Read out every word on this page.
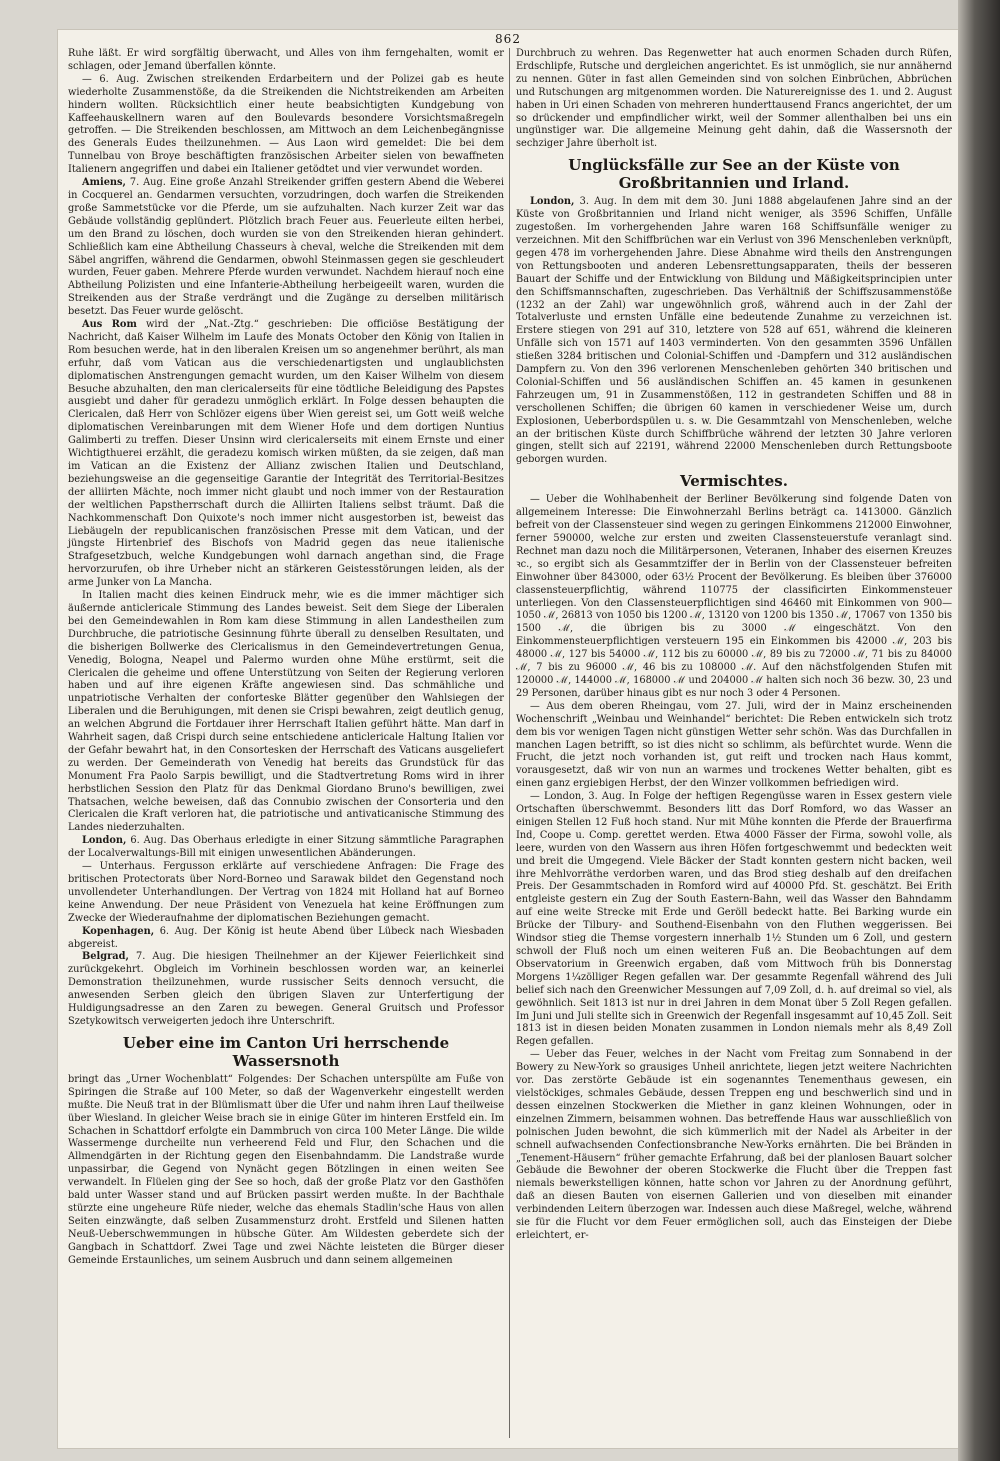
862

Ruhe läßt. Er wird sorgfältig überwacht, und Alles von ihm ferngehalten, womit er schlagen, oder Jemand überfallen könnte.

— 6. Aug. Zwischen streikenden Erdarbeitern und der Polizei gab es heute wiederholte Zusammenstöße, da die Streikenden die Nichtstreikenden am Arbeiten hindern wollten. Rücksichtlich einer heute beabsichtigten Kundgebung von Kaffeehauskellnern waren auf den Boulevards besondere Vorsichtsmaßregeln getroffen. — Die Streikenden beschlossen, am Mittwoch an dem Leichenbegängnisse des Generals Eudes theilzunehmen. — Aus Laon wird gemeldet: Die bei dem Tunnelbau von Broye beschäftigten französischen Arbeiter sielen von bewaffneten Italienern angegriffen und dabei ein Italiener getödtet und vier verwundet worden.

Amiens, 7. Aug. Eine große Anzahl Streikender griffen gestern Abend die Weberei in Cocquerel an. Gendarmen versuchten, vorzudringen, doch warfen die Streikenden große Sammetstücke vor die Pferde, um sie aufzuhalten. Nach kurzer Zeit war das Gebäude vollständig geplündert. Plötzlich brach Feuer aus. Feuerleute eilten herbei, um den Brand zu löschen, doch wurden sie von den Streikenden hieran gehindert. Schließlich kam eine Abtheilung Chasseurs à cheval, welche die Streikenden mit dem Säbel angriffen, während die Gendarmen, obwohl Steinmassen gegen sie geschleudert wurden, Feuer gaben. Mehrere Pferde wurden verwundet. Nachdem hierauf noch eine Abtheilung Polizisten und eine Infanterie-Abtheilung herbeigeeilt waren, wurden die Streikenden aus der Straße verdrängt und die Zugänge zu derselben militärisch besetzt. Das Feuer wurde gelöscht.

Aus Rom wird der „Nat.-Ztg.“ geschrieben: Die officiöse Bestätigung der Nachricht, daß Kaiser Wilhelm im Laufe des Monats October den König von Italien in Rom besuchen werde, hat in den liberalen Kreisen um so angenehmer berührt, als man erfuhr, daß vom Vatican aus die verschiedenartigsten und unglaublichsten diplomatischen Anstrengungen gemacht wurden, um den Kaiser Wilhelm von diesem Besuche abzuhalten, den man clericalerseits für eine tödtliche Beleidigung des Papstes ausgiebt und daher für geradezu unmöglich erklärt. In Folge dessen behaupten die Clericalen, daß Herr von Schlözer eigens über Wien gereist sei, um Gott weiß welche diplomatischen Vereinbarungen mit dem Wiener Hofe und dem dortigen Nuntius Galimberti zu treffen. Dieser Unsinn wird clericalerseits mit einem Ernste und einer Wichtigthuerei erzählt, die geradezu komisch wirken müßten, da sie zeigen, daß man im Vatican an die Existenz der Allianz zwischen Italien und Deutschland, beziehungsweise an die gegenseitige Garantie der Integrität des Territorial-Besitzes der alliirten Mächte, noch immer nicht glaubt und noch immer von der Restauration der weltlichen Papstherrschaft durch die Alliirten Italiens selbst träumt. Daß die Nachkommenschaft Don Quixote's noch immer nicht ausgestorben ist, beweist das Liebäugeln der republicanischen französischen Presse mit dem Vatican, und der jüngste Hirtenbrief des Bischofs von Madrid gegen das neue italienische Strafgesetzbuch, welche Kundgebungen wohl darnach angethan sind, die Frage hervorzurufen, ob ihre Urheber nicht an stärkeren Geistesstörungen leiden, als der arme Junker von La Mancha.

In Italien macht dies keinen Eindruck mehr, wie es die immer mächtiger sich äußernde anticlericale Stimmung des Landes beweist. Seit dem Siege der Liberalen bei den Gemeindewahlen in Rom kam diese Stimmung in allen Landestheilen zum Durchbruche, die patriotische Gesinnung führte überall zu denselben Resultaten, und die bisherigen Bollwerke des Clericalismus in den Gemeindevertretungen Genua, Venedig, Bologna, Neapel und Palermo wurden ohne Mühe erstürmt, seit die Clericalen die geheime und offene Unterstützung von Seiten der Regierung verloren haben und auf ihre eigenen Kräfte angewiesen sind. Das schmähliche und unpatriotische Verhalten der conforteske Blätter gegenüber den Wahlsiegen der Liberalen und die Beruhigungen, mit denen sie Crispi bewahren, zeigt deutlich genug, an welchen Abgrund die Fortdauer ihrer Herrschaft Italien geführt hätte. Man darf in Wahrheit sagen, daß Crispi durch seine entschiedene anticlericale Haltung Italien vor der Gefahr bewahrt hat, in den Consortesken der Herrschaft des Vaticans ausgeliefert zu werden. Der Gemeinderath von Venedig hat bereits das Grundstück für das Monument Fra Paolo Sarpis bewilligt, und die Stadtvertretung Roms wird in ihrer herbstlichen Session den Platz für das Denkmal Giordano Bruno's bewilligen, zwei Thatsachen, welche beweisen, daß das Connubio zwischen der Consorteria und den Clericalen die Kraft verloren hat, die patriotische und antivaticanische Stimmung des Landes niederzuhalten.

London, 6. Aug. Das Oberhaus erledigte in einer Sitzung sämmtliche Paragraphen der Localverwaltungs-Bill mit einigen unwesentlichen Abänderungen.

— Unterhaus. Fergusson erklärte auf verschiedene Anfragen: Die Frage des britischen Protectorats über Nord-Borneo und Sarawak bildet den Gegenstand noch unvollendeter Unterhandlungen. Der Vertrag von 1824 mit Holland hat auf Borneo keine Anwendung. Der neue Präsident von Venezuela hat keine Eröffnungen zum Zwecke der Wiederaufnahme der diplomatischen Beziehungen gemacht.

Kopenhagen, 6. Aug. Der König ist heute Abend über Lübeck nach Wiesbaden abgereist.

Belgrad, 7. Aug. Die hiesigen Theilnehmer an der Kijewer Feierlichkeit sind zurückgekehrt. Obgleich im Vorhinein beschlossen worden war, an keinerlei Demonstration theilzunehmen, wurde russischer Seits dennoch versucht, die anwesenden Serben gleich den übrigen Slaven zur Unterfertigung der Huldigungsadresse an den Zaren zu bewegen. General Gruitsch und Professor Szetykowitsch verweigerten jedoch ihre Unterschrift.

Ueber eine im Canton Uri herrschende Wassersnoth

bringt das „Urner Wochenblatt“ Folgendes: Der Schachen unterspülte am Fuße von Spiringen die Straße auf 100 Meter, so daß der Wagenverkehr eingestellt werden mußte. Die Neuß trat in der Blümlismatt über die Ufer und nahm ihren Lauf theilweise über Wiesland. In gleicher Weise brach sie in einige Güter im hinteren Erstfeld ein. Im Schachen in Schattdorf erfolgte ein Dammbruch von circa 100 Meter Länge. Die wilde Wassermenge durcheilte nun verheerend Feld und Flur, den Schachen und die Allmendgärten in der Richtung gegen den Eisenbahndamm. Die Landstraße wurde unpassirbar, die Gegend von Nynächt gegen Bötzlingen in einen weiten See verwandelt. In Flüelen ging der See so hoch, daß der große Platz vor den Gasthöfen bald unter Wasser stand und auf Brücken passirt werden mußte. In der Bachthale stürzte eine ungeheure Rüfe nieder, welche das ehemals Stadlin'sche Haus von allen Seiten einzwängte, daß selben Zusammensturz droht. Erstfeld und Silenen hatten Neuß-Ueberschwemmungen in hübsche Güter. Am Wildesten geberdete sich der Gangbach in Schattdorf. Zwei Tage und zwei Nächte leisteten die Bürger dieser Gemeinde Erstaunliches, um seinem Ausbruch und dann seinem allgemeinen

Durchbruch zu wehren. Das Regenwetter hat auch enormen Schaden durch Rüfen, Erdschlipfe, Rutsche und dergleichen angerichtet. Es ist unmöglich, sie nur annähernd zu nennen. Güter in fast allen Gemeinden sind von solchen Einbrüchen, Abbrüchen und Rutschungen arg mitgenommen worden. Die Naturereignisse des 1. und 2. August haben in Uri einen Schaden von mehreren hunderttausend Francs angerichtet, der um so drückender und empfindlicher wirkt, weil der Sommer allenthalben bei uns ein ungünstiger war. Die allgemeine Meinung geht dahin, daß die Wassersnoth der sechziger Jahre überholt ist.

Unglücksfälle zur See an der Küste von Großbritannien und Irland.

London, 3. Aug. In dem mit dem 30. Juni 1888 abgelaufenen Jahre sind an der Küste von Großbritannien und Irland nicht weniger, als 3596 Schiffen, Unfälle zugestoßen. Im vorhergehenden Jahre waren 168 Schiffsunfälle weniger zu verzeichnen. Mit den Schiffbrüchen war ein Verlust von 396 Menschenleben verknüpft, gegen 478 im vorhergehenden Jahre. Diese Abnahme wird theils den Anstrengungen von Rettungsbooten und anderen Lebensrettungsapparaten, theils der besseren Bauart der Schiffe und der Entwicklung von Bildung und Mäßigkeitsprincipien unter den Schiffsmannschaften, zugeschrieben. Das Verhältniß der Schiffszusammenstöße (1232 an der Zahl) war ungewöhnlich groß, während auch in der Zahl der Totalverluste und ernsten Unfälle eine bedeutende Zunahme zu verzeichnen ist. Erstere stiegen von 291 auf 310, letztere von 528 auf 651, während die kleineren Unfälle sich von 1571 auf 1403 verminderten. Von den gesammten 3596 Unfällen stießen 3284 britischen und Colonial-Schiffen und -Dampfern und 312 ausländischen Dampfern zu. Von den 396 verlorenen Menschenleben gehörten 340 britischen und Colonial-Schiffen und 56 ausländischen Schiffen an. 45 kamen in gesunkenen Fahrzeugen um, 91 in Zusammenstößen, 112 in gestrandeten Schiffen und 88 in verschollenen Schiffen; die übrigen 60 kamen in verschiedener Weise um, durch Explosionen, Ueberbordspülen u. s. w. Die Gesammtzahl von Menschenleben, welche an der britischen Küste durch Schiffbrüche während der letzten 30 Jahre verloren gingen, stellt sich auf 22191, während 22000 Menschenleben durch Rettungsboote geborgen wurden.

Vermischtes.

— Ueber die Wohlhabenheit der Berliner Bevölkerung sind folgende Daten von allgemeinem Interesse: Die Einwohnerzahl Berlins beträgt ca. 1413000. Gänzlich befreit von der Classensteuer sind wegen zu geringen Einkommens 212000 Einwohner, ferner 590000, welche zur ersten und zweiten Classensteuerstufe veranlagt sind. Rechnet man dazu noch die Militärpersonen, Veteranen, Inhaber des eisernen Kreuzes ꝛc., so ergibt sich als Gesammtziffer der in Berlin von der Classensteuer befreiten Einwohner über 843000, oder 63½ Procent der Bevölkerung. Es bleiben über 376000 classensteuerpflichtig, während 110775 der classificirten Einkommensteuer unterliegen. Von den Classensteuerpflichtigen sind 46460 mit Einkommen von 900—1050 ℳ, 26813 von 1050 bis 1200 ℳ, 13120 von 1200 bis 1350 ℳ, 17067 von 1350 bis 1500 ℳ, die übrigen bis zu 3000 ℳ eingeschätzt. Von den Einkommensteuerpflichtigen versteuern 195 ein Einkommen bis 42000 ℳ, 203 bis 48000 ℳ, 127 bis 54000 ℳ, 112 bis zu 60000 ℳ, 89 bis zu 72000 ℳ, 71 bis zu 84000 ℳ, 7 bis zu 96000 ℳ, 46 bis zu 108000 ℳ. Auf den nächstfolgenden Stufen mit 120000 ℳ, 144000 ℳ, 168000 ℳ und 204000 ℳ halten sich noch 36 bezw. 30, 23 und 29 Personen, darüber hinaus gibt es nur noch 3 oder 4 Personen.

— Aus dem oberen Rheingau, vom 27. Juli, wird der in Mainz erscheinenden Wochenschrift „Weinbau und Weinhandel“ berichtet: Die Reben entwickeln sich trotz dem bis vor wenigen Tagen nicht günstigen Wetter sehr schön. Was das Durchfallen in manchen Lagen betrifft, so ist dies nicht so schlimm, als befürchtet wurde. Wenn die Frucht, die jetzt noch vorhanden ist, gut reift und trocken nach Haus kommt, vorausgesetzt, daß wir von nun an warmes und trockenes Wetter behalten, gibt es einen ganz ergiebigen Herbst, der den Winzer vollkommen befriedigen wird.

— London, 3. Aug. In Folge der heftigen Regengüsse waren in Essex gestern viele Ortschaften überschwemmt. Besonders litt das Dorf Romford, wo das Wasser an einigen Stellen 12 Fuß hoch stand. Nur mit Mühe konnten die Pferde der Brauerfirma Ind, Coope u. Comp. gerettet werden. Etwa 4000 Fässer der Firma, sowohl volle, als leere, wurden von den Wassern aus ihren Höfen fortgeschwemmt und bedeckten weit und breit die Umgegend. Viele Bäcker der Stadt konnten gestern nicht backen, weil ihre Mehlvorräthe verdorben waren, und das Brod stieg deshalb auf den dreifachen Preis. Der Gesammtschaden in Romford wird auf 40000 Pfd. St. geschätzt. Bei Erith entgleiste gestern ein Zug der South Eastern-Bahn, weil das Wasser den Bahndamm auf eine weite Strecke mit Erde und Geröll bedeckt hatte. Bei Barking wurde ein Brücke der Tilbury- and Southend-Eisenbahn von den Fluthen weggerissen. Bei Windsor stieg die Themse vorgestern innerhalb 1½ Stunden um 6 Zoll, und gestern schwoll der Fluß noch um einen weiteren Fuß an. Die Beobachtungen auf dem Observatorium in Greenwich ergaben, daß vom Mittwoch früh bis Donnerstag Morgens 1¼zölliger Regen gefallen war. Der gesammte Regenfall während des Juli belief sich nach den Greenwicher Messungen auf 7,09 Zoll, d. h. auf dreimal so viel, als gewöhnlich. Seit 1813 ist nur in drei Jahren in dem Monat über 5 Zoll Regen gefallen. Im Juni und Juli stellte sich in Greenwich der Regenfall insgesammt auf 10,45 Zoll. Seit 1813 ist in diesen beiden Monaten zusammen in London niemals mehr als 8,49 Zoll Regen gefallen.

— Ueber das Feuer, welches in der Nacht vom Freitag zum Sonnabend in der Bowery zu New-York so grausiges Unheil anrichtete, liegen jetzt weitere Nachrichten vor. Das zerstörte Gebäude ist ein sogenanntes Tenementhaus gewesen, ein vielstöckiges, schmales Gebäude, dessen Treppen eng und beschwerlich sind und in dessen einzelnen Stockwerken die Miether in ganz kleinen Wohnungen, oder in einzelnen Zimmern, beisammen wohnen. Das betreffende Haus war ausschließlich von polnischen Juden bewohnt, die sich kümmerlich mit der Nadel als Arbeiter in der schnell aufwachsenden Confectionsbranche New-Yorks ernährten. Die bei Bränden in „Tenement-Häusern“ früher gemachte Erfahrung, daß bei der planlosen Bauart solcher Gebäude die Bewohner der oberen Stockwerke die Flucht über die Treppen fast niemals bewerkstelligen können, hatte schon vor Jahren zu der Anordnung geführt, daß an diesen Bauten von eisernen Gallerien und von dieselben mit einander verbindenden Leitern überzogen war. Indessen auch diese Maßregel, welche, während sie für die Flucht vor dem Feuer ermöglichen soll, auch das Einsteigen der Diebe erleichtert, er-
